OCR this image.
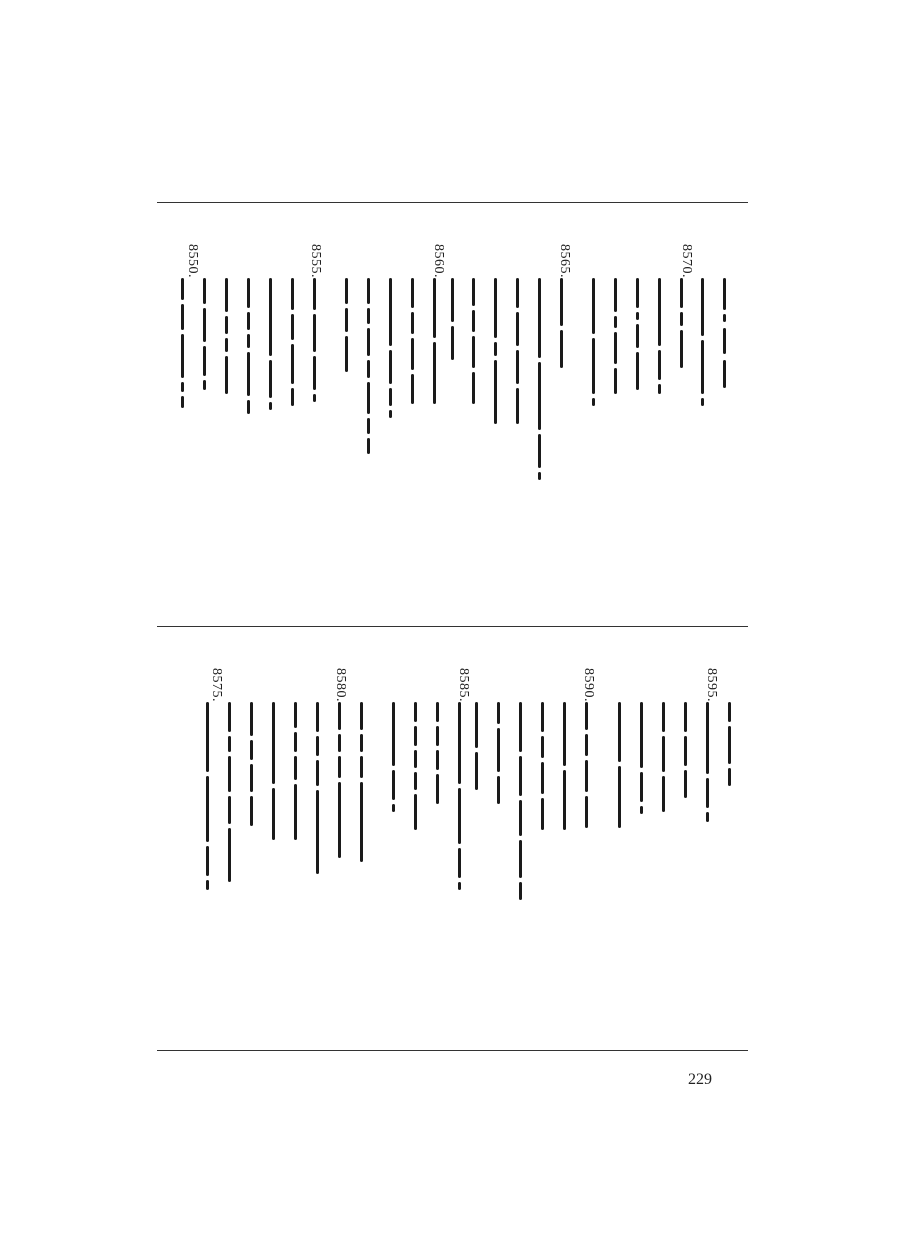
8570.
8565.
8560.
8555.
8550.
8595.
8590.
8585.
8580.
8575.
229
